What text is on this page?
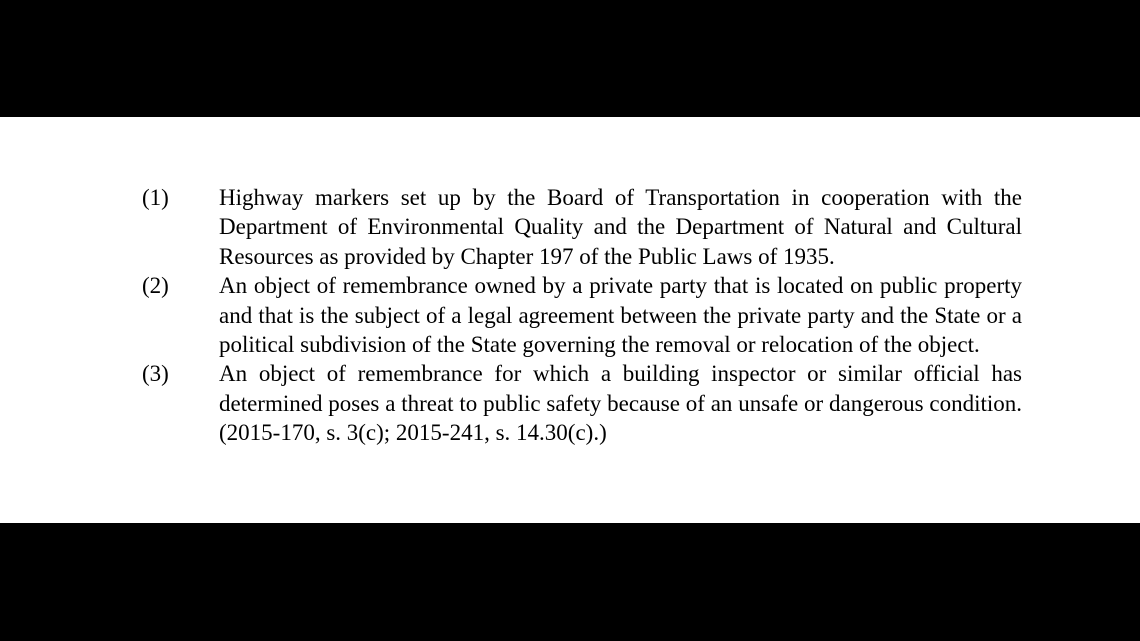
(1) Highway markers set up by the Board of Transportation in cooperation with the Department of Environmental Quality and the Department of Natural and Cultural Resources as provided by Chapter 197 of the Public Laws of 1935.
(2) An object of remembrance owned by a private party that is located on public property and that is the subject of a legal agreement between the private party and the State or a political subdivision of the State governing the removal or relocation of the object.
(3) An object of remembrance for which a building inspector or similar official has determined poses a threat to public safety because of an unsafe or dangerous condition. (2015-170, s. 3(c); 2015-241, s. 14.30(c).)
